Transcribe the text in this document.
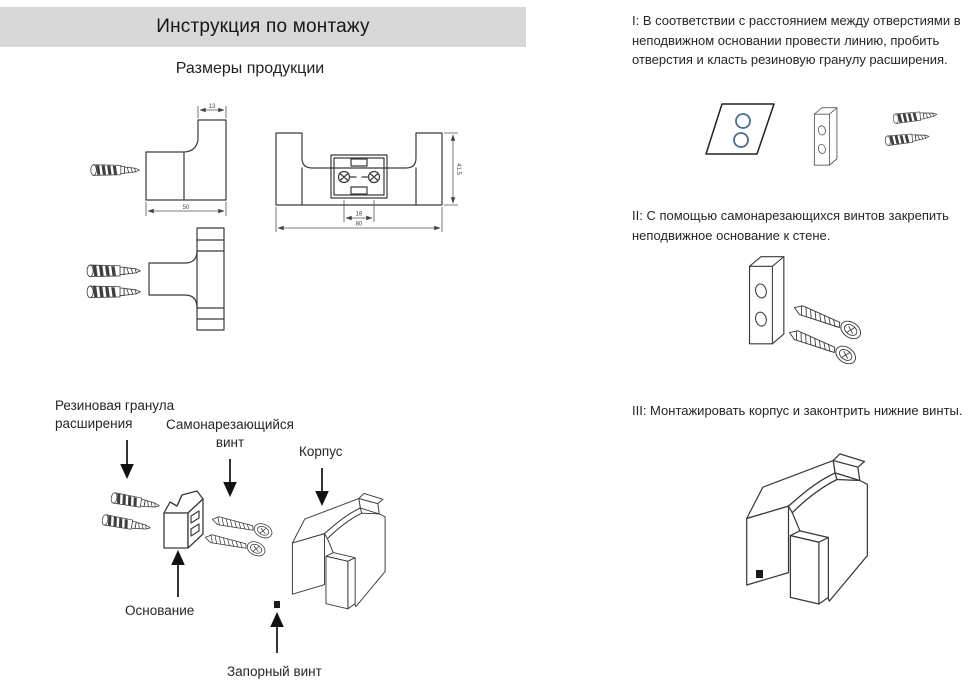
13
50
41.5
18
80
Инструкция по монтажу
Размеры продукции
Резиновая гранула расширения	Самонарезающийся винт
Корпус
Основание
Запорный винт
I: В соответствии с расстоянием между отверстиями в неподвижном основании провести линию, пробить отверстия и класть резиновую гранулу расширения.
II: С помощью самонарезающихся винтов закрепить неподвижное основание к стене.
III: Монтажировать корпус и законтрить нижние винты.
